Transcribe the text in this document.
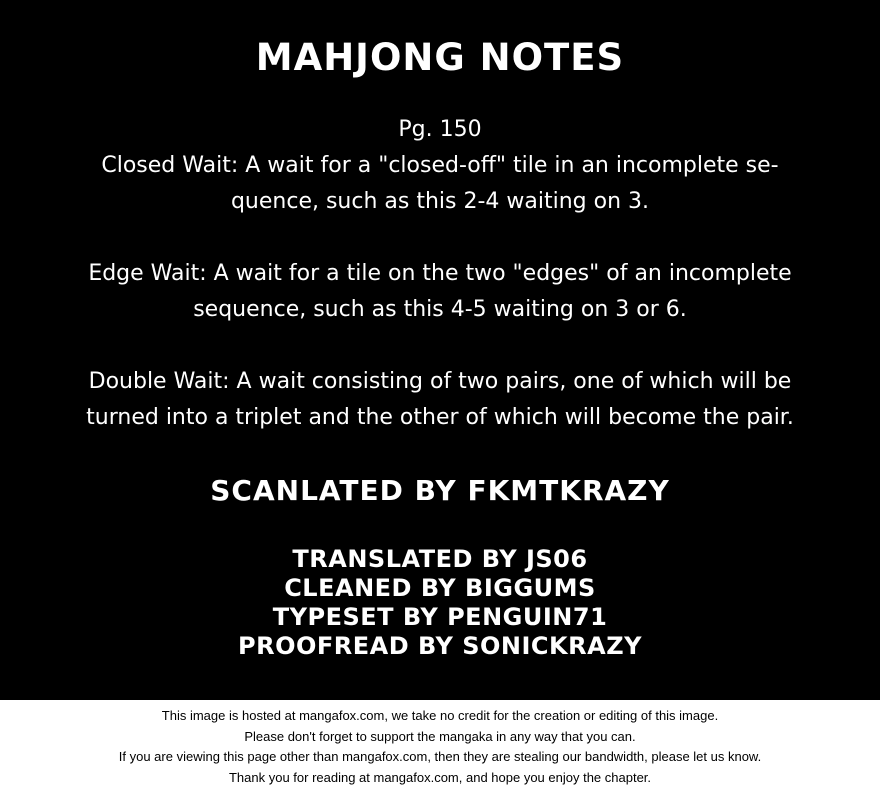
MAHJONG NOTES

Pg. 150

Closed Wait: A wait for a "closed-off" tile in an incomplete se-

quence, such as this 2-4 waiting on 3.

Edge Wait: A wait for a tile on the two "edges" of an incomplete

sequence, such as this 4-5 waiting on 3 or 6.

Double Wait: A wait consisting of two pairs, one of which will be

turned into a triplet and the other of which will become the pair.

SCANLATED BY FKMTKRAZY
TRANSLATED BY JS06
CLEANED BY BIGGUMS
TYPESET BY PENGUIN71
PROOFREAD BY SONICKRAZY
This image is hosted at mangafox.com, we take no credit for the creation or editing of this image.
Please don't forget to support the mangaka in any way that you can.
If you are viewing this page other than mangafox.com, then they are stealing our bandwidth, please let us know.
Thank you for reading at mangafox.com, and hope you enjoy the chapter.
